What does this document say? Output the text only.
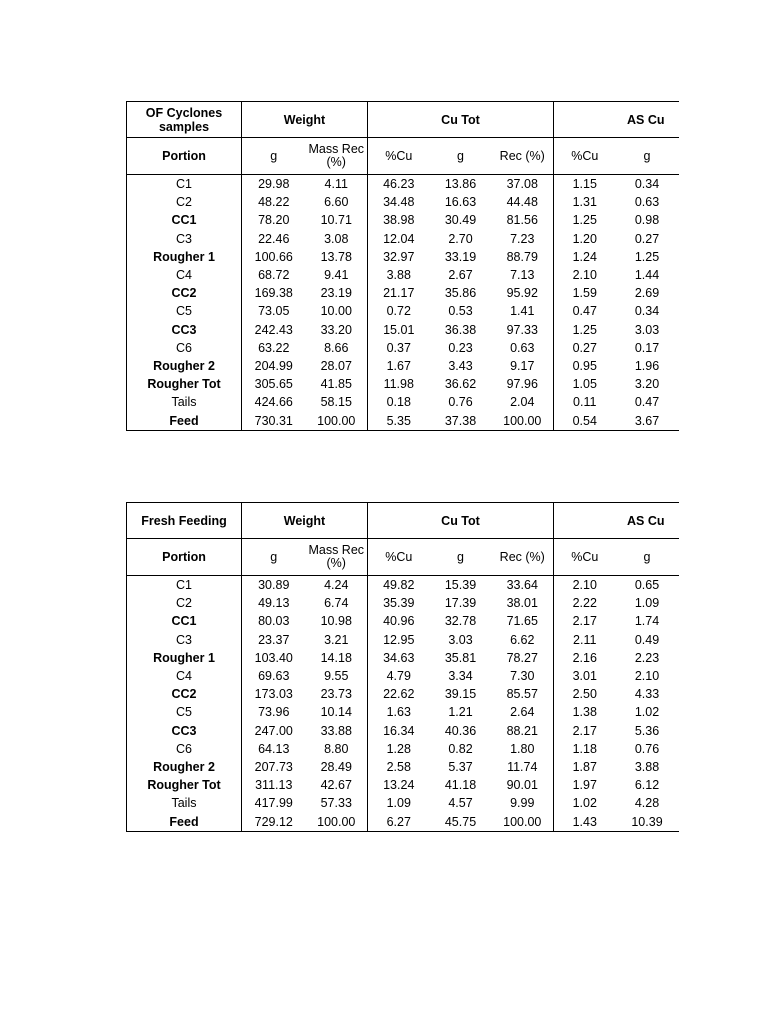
OF Cyclones samples	Weight		Cu Tot			AS Cu	
Portion	g	Mass Rec (%)	%Cu	g	Rec (%)	%Cu	g
C1	29.98	4.11	46.23	13.86	37.08	1.15	0.34
C2	48.22	6.60	34.48	16.63	44.48	1.31	0.63
CC1	78.20	10.71	38.98	30.49	81.56	1.25	0.98
C3	22.46	3.08	12.04	2.70	7.23	1.20	0.27
Rougher 1	100.66	13.78	32.97	33.19	88.79	1.24	1.25
C4	68.72	9.41	3.88	2.67	7.13	2.10	1.44
CC2	169.38	23.19	21.17	35.86	95.92	1.59	2.69
C5	73.05	10.00	0.72	0.53	1.41	0.47	0.34
CC3	242.43	33.20	15.01	36.38	97.33	1.25	3.03
C6	63.22	8.66	0.37	0.23	0.63	0.27	0.17
Rougher 2	204.99	28.07	1.67	3.43	9.17	0.95	1.96
Rougher Tot	305.65	41.85	11.98	36.62	97.96	1.05	3.20
Tails	424.66	58.15	0.18	0.76	2.04	0.11	0.47
Feed	730.31	100.00	5.35	37.38	100.00	0.54	3.67
Fresh Feeding	Weight		Cu Tot			AS Cu	
Portion	g	Mass Rec (%)	%Cu	g	Rec (%)	%Cu	g
C1	30.89	4.24	49.82	15.39	33.64	2.10	0.65
C2	49.13	6.74	35.39	17.39	38.01	2.22	1.09
CC1	80.03	10.98	40.96	32.78	71.65	2.17	1.74
C3	23.37	3.21	12.95	3.03	6.62	2.11	0.49
Rougher 1	103.40	14.18	34.63	35.81	78.27	2.16	2.23
C4	69.63	9.55	4.79	3.34	7.30	3.01	2.10
CC2	173.03	23.73	22.62	39.15	85.57	2.50	4.33
C5	73.96	10.14	1.63	1.21	2.64	1.38	1.02
CC3	247.00	33.88	16.34	40.36	88.21	2.17	5.36
C6	64.13	8.80	1.28	0.82	1.80	1.18	0.76
Rougher 2	207.73	28.49	2.58	5.37	11.74	1.87	3.88
Rougher Tot	311.13	42.67	13.24	41.18	90.01	1.97	6.12
Tails	417.99	57.33	1.09	4.57	9.99	1.02	4.28
Feed	729.12	100.00	6.27	45.75	100.00	1.43	10.39
